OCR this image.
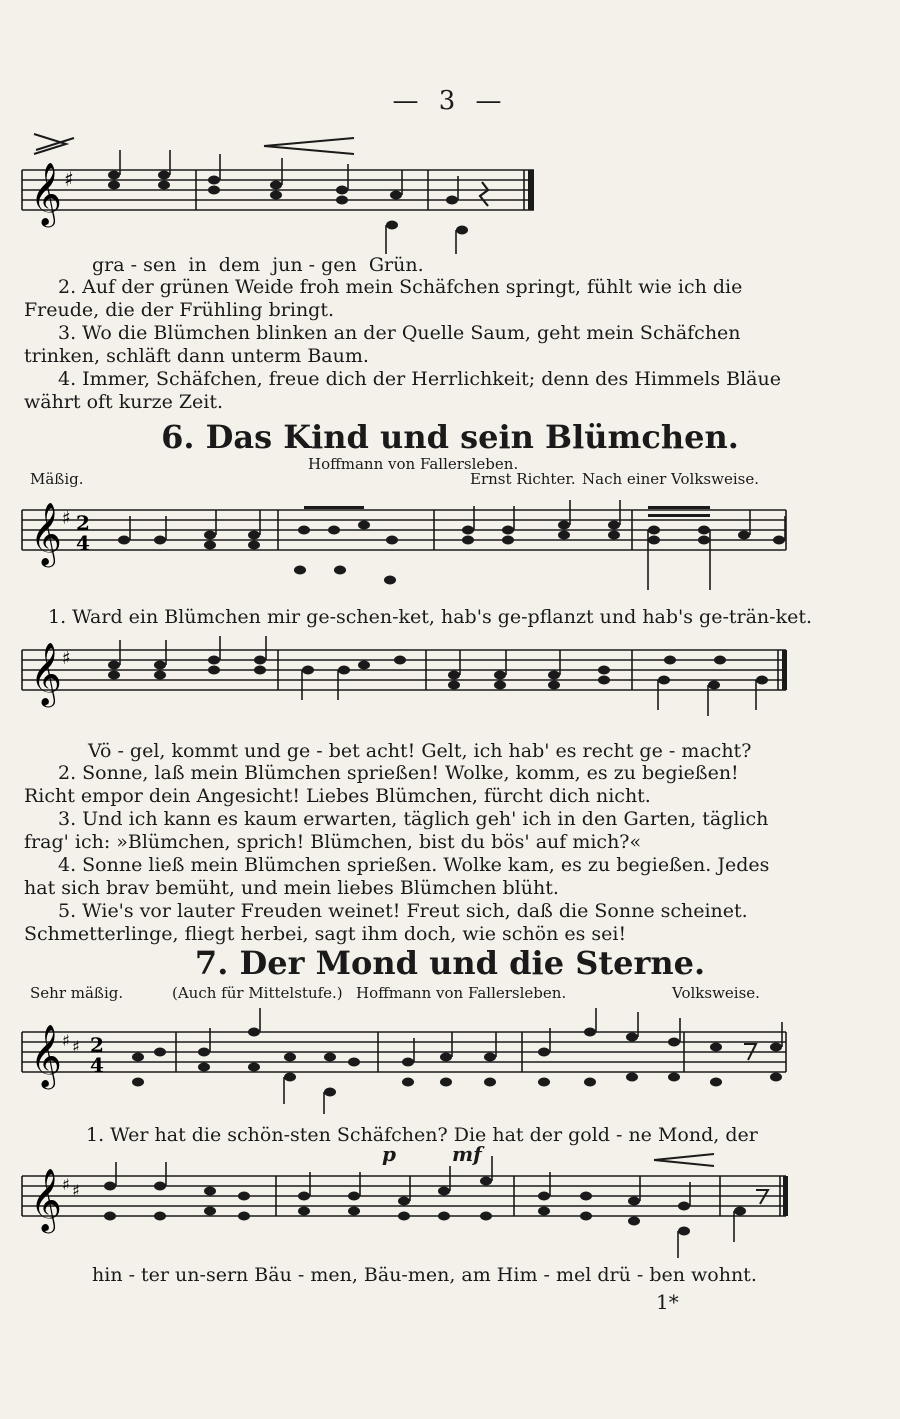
— 3 —
𝄞 ♯
gra - sen  in  dem  jun - gen  Grün.

2. Auf der grünen Weide froh mein Schäfchen springt, fühlt wie ich die Freude, die der Frühling bringt.

3. Wo die Blümchen blinken an der Quelle Saum, geht mein Schäfchen trinken, schläft dann unterm Baum.

4. Immer, Schäfchen, freue dich der Herrlichkeit; denn des Himmels Bläue währt oft kurze Zeit.

6. Das Kind und sein Blümchen.
Hoffmann von Fallersleben.
Mäßig.	Ernst Richter. Nach einer Volksweise.
𝄞 ♯ 2
4
1. Ward ein Blümchen mir ge-schen-ket, hab's ge-pflanzt und hab's ge-trän-ket.
𝄞 ♯
Vö - gel, kommt und ge - bet acht! Gelt, ich hab' es recht ge - macht?

2. Sonne, laß mein Blümchen sprießen! Wolke, komm, es zu begießen! Richt empor dein Angesicht! Liebes Blümchen, fürcht dich nicht.

3. Und ich kann es kaum erwarten, täglich geh' ich in den Garten, täglich frag' ich: »Blümchen, sprich! Blümchen, bist du bös' auf mich?«

4. Sonne ließ mein Blümchen sprießen. Wolke kam, es zu begießen. Jedes hat sich brav bemüht, und mein liebes Blümchen blüht.

5. Wie's vor lauter Freuden weinet! Freut sich, daß die Sonne scheinet. Schmetterlinge, fliegt herbei, sagt ihm doch, wie schön es sei!

7. Der Mond und die Sterne.
Sehr mäßig.	(Auch für Mittelstufe.) Hoffmann von Fallersleben.	Volksweise.
𝄞 ♯ ♯ 2
4
1. Wer hat die schön-sten Schäfchen? Die hat der gold - ne Mond, der
p	mf
𝄞 ♯ ♯
hin - ter un-sern Bäu - men, Bäu-men, am Him - mel drü - ben wohnt.
1*
